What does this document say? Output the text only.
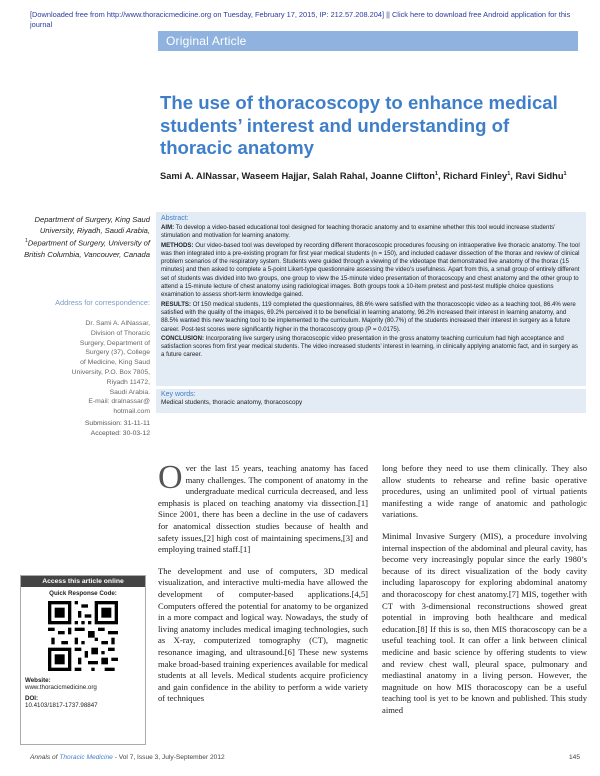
[Downloaded free from http://www.thoracicmedicine.org on Tuesday, February 17, 2015, IP: 212.57.208.204] || Click here to download free Android application for this journal
Original Article
The use of thoracoscopy to enhance medical students’ interest and understanding of thoracic anatomy
Sami A. AlNassar, Waseem Hajjar, Salah Rahal, Joanne Clifton$^1$, Richard Finley$^1$, Ravi Sidhu$^1$
Department of Surgery, King Saud University, Riyadh, Saudi Arabia, $^1$Department of Surgery, University of British Columbia, Vancouver, Canada
Address for correspondence:
Dr. Sami A. AlNassar,
Division of Thoracic
Surgery, Department of
Surgery (37), College
of Medicine, King Saud
University, P.O. Box 7805,
Riyadh 11472,
Saudi Arabia.
E-mail: dralnassar@
hotmail.com
Submission: 31-11-11
Accepted: 30-03-12
Abstract:

AIM: To develop a video-based educational tool designed for teaching thoracic anatomy and to examine whether this tool would increase students’ stimulation and motivation for learning anatomy.

METHODS: Our video-based tool was developed by recording different thoracoscopic procedures focusing on intraoperative live thoracic anatomy. The tool was then integrated into a pre-existing program for first year medical students (n = 150), and included cadaver dissection of the thorax and review of clinical problem scenarios of the respiratory system. Students were guided through a viewing of the videotape that demonstrated live anatomy of the thorax (15 minutes) and then asked to complete a 5-point Likert-type questionnaire assessing the video’s usefulness. Apart from this, a small group of entirely different set of students was divided into two groups, one group to view the 15-minute video presentation of thoracoscopy and chest anatomy and the other group to attend a 15-minute lecture of chest anatomy using radiological images. Both groups took a 10-item pretest and post-test multiple choice questions examination to assess short-term knowledge gained.

RESULTS: Of 150 medical students, 119 completed the questionnaires, 88.6% were satisfied with the thoracoscopic video as a teaching tool, 86.4% were satisfied with the quality of the images, 69.2% perceived it to be beneficial in learning anatomy, 96.2% increased their interest in learning anatomy, and 88.5% wanted this new teaching tool to be implemented to the curriculum. Majority (80.7%) of the students increased their interest in surgery as a future career. Post-test scores were significantly higher in the thoracoscopy group (P = 0.0175).

CONCLUSION: Incorporating live surgery using thoracoscopic video presentation in the gross anatomy teaching curriculum had high acceptance and satisfaction scores from first year medical students. The video increased students’ interest in learning, in clinically applying anatomic fact, and in surgery as a future career.

Key words:
Medical students, thoracic anatomy, thoracoscopy

Over the last 15 years, teaching anatomy has faced many challenges. The component of anatomy in the undergraduate medical curricula decreased, and less emphasis is placed on teaching anatomy via dissection.[1] Since 2001, there has been a decline in the use of cadavers for anatomical dissection studies because of health and safety issues,[2] high cost of maintaining specimens,[3] and employing trained staff.[1]

The development and use of computers, 3D medical visualization, and interactive multi-media have allowed the development of computer-based applications.[4,5] Computers offered the potential for anatomy to be organized in a more compact and logical way. Nowadays, the study of living anatomy includes medical imaging technologies, such as X-ray, computerized tomography (CT), magnetic resonance imaging, and ultrasound.[6] These new systems make broad-based training experiences available for medical students at all levels. Medical students acquire proficiency and gain confidence in the ability to perform a wide variety of techniques

long before they need to use them clinically. They also allow students to rehearse and refine basic operative procedures, using an unlimited pool of virtual patients manifesting a wide range of anatomic and pathologic variations.

Minimal Invasive Surgery (MIS), a procedure involving internal inspection of the abdominal and pleural cavity, has become very increasingly popular since the early 1980’s because of its direct visualization of the body cavity including laparoscopy for exploring abdominal anatomy and thoracoscopy for chest anatomy.[7] MIS, together with CT with 3-dimensional reconstructions showed great potential in improving both healthcare and medical education.[8] If this is so, then MIS thoracoscopy can be a useful teaching tool. It can offer a link between clinical medicine and basic science by offering students to view and review chest wall, pleural space, pulmonary and mediastinal anatomy in a living person. However, the magnitude on how MIS thoracoscopy can be a useful teaching tool is yet to be known and published. This study aimed

Access this article online
Quick Response Code:
Website:
www.thoracicmedicine.org
DOI:
10.4103/1817-1737.98847
Annals of Thoracic Medicine - Vol 7, Issue 3, July-September 2012	145
